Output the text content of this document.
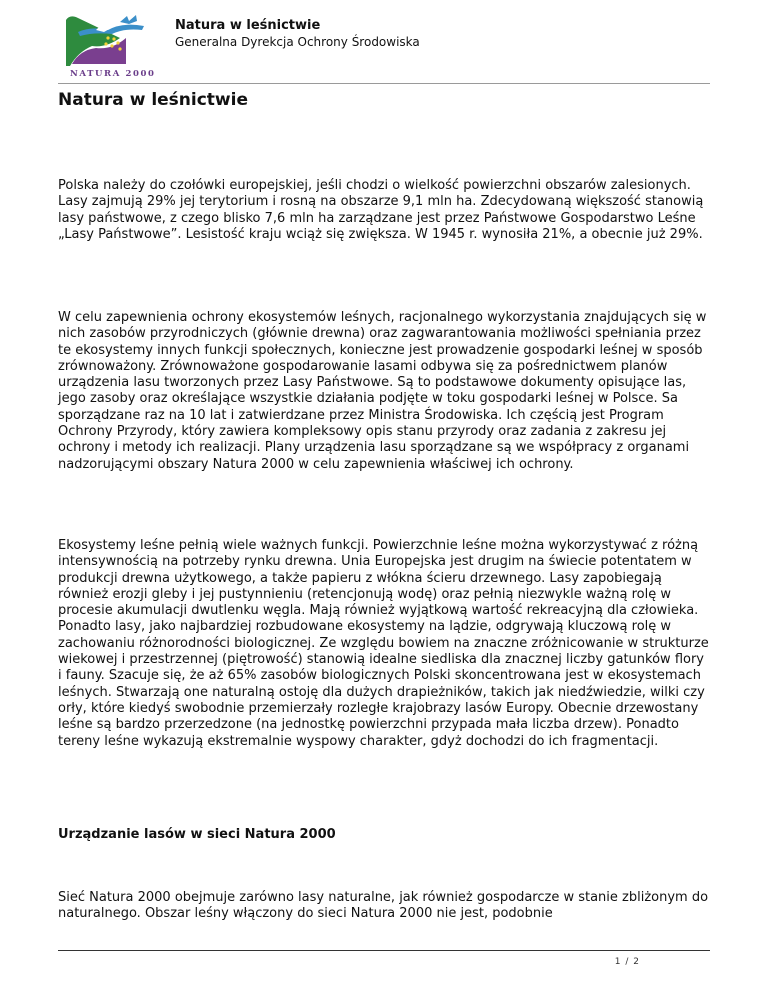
NATURA 2000
Natura w leśnictwie
Generalna Dyrekcja Ochrony Środowiska
Natura w leśnictwie

Polska należy do czołówki europejskiej, jeśli chodzi o wielkość powierzchni obszarów zalesionych. Lasy zajmują 29% jej terytorium i rosną na obszarze 9,1 mln ha. Zdecydowaną większość stanowią lasy państwowe, z czego blisko 7,6 mln ha zarządzane jest przez Państwowe Gospodarstwo Leśne „Lasy Państwowe”. Lesistość kraju wciąż się zwiększa. W 1945 r. wynosiła 21%, a obecnie już 29%.

W celu zapewnienia ochrony ekosystemów leśnych, racjonalnego wykorzystania znajdujących się w nich zasobów przyrodniczych (głównie drewna) oraz zagwarantowania możliwości spełniania przez te ekosystemy innych funkcji społecznych, konieczne jest prowadzenie gospodarki leśnej w sposób zrównoważony. Zrównoważone gospodarowanie lasami odbywa się za pośrednictwem planów urządzenia lasu tworzonych przez Lasy Państwowe. Są to podstawowe dokumenty opisujące las, jego zasoby oraz określające wszystkie działania podjęte w toku gospodarki leśnej w Polsce. Sa sporządzane raz na 10 lat i zatwierdzane przez Ministra Środowiska. Ich częścią jest Program Ochrony Przyrody, który zawiera kompleksowy opis stanu przyrody oraz zadania z zakresu jej ochrony i metody ich realizacji. Plany urządzenia lasu sporządzane są we współpracy z organami nadzorującymi obszary Natura 2000 w celu zapewnienia właściwej ich ochrony.

Ekosystemy leśne pełnią wiele ważnych funkcji. Powierzchnie leśne można wykorzystywać z różną intensywnością na potrzeby rynku drewna. Unia Europejska jest drugim na świecie potentatem w produkcji drewna użytkowego, a także papieru z włókna ścieru drzewnego. Lasy zapobiegają również erozji gleby i jej pustynnieniu (retencjonują wodę) oraz pełnią niezwykle ważną rolę w procesie akumulacji dwutlenku węgla. Mają również wyjątkową wartość rekreacyjną dla człowieka. Ponadto lasy, jako najbardziej rozbudowane ekosystemy na lądzie, odgrywają kluczową rolę w zachowaniu różnorodności biologicznej. Ze względu bowiem na znaczne zróżnicowanie w strukturze wiekowej i przestrzennej (piętrowość) stanowią idealne siedliska dla znacznej liczby gatunków flory i fauny. Szacuje się, że aż 65% zasobów biologicznych Polski skoncentrowana jest w ekosystemach leśnych. Stwarzają one naturalną ostoję dla dużych drapieżników, takich jak niedźwiedzie, wilki czy orły, które kiedyś swobodnie przemierzały rozległe krajobrazy lasów Europy. Obecnie drzewostany leśne są bardzo przerzedzone (na jednostkę powierzchni przypada mała liczba drzew). Ponadto tereny leśne wykazują ekstremalnie wyspowy charakter, gdyż dochodzi do ich fragmentacji.

Urządzanie lasów w sieci Natura 2000

Sieć Natura 2000 obejmuje zarówno lasy naturalne, jak również gospodarcze w stanie zbliżonym do naturalnego. Obszar leśny włączony do sieci Natura 2000 nie jest, podobnie

1 / 2
